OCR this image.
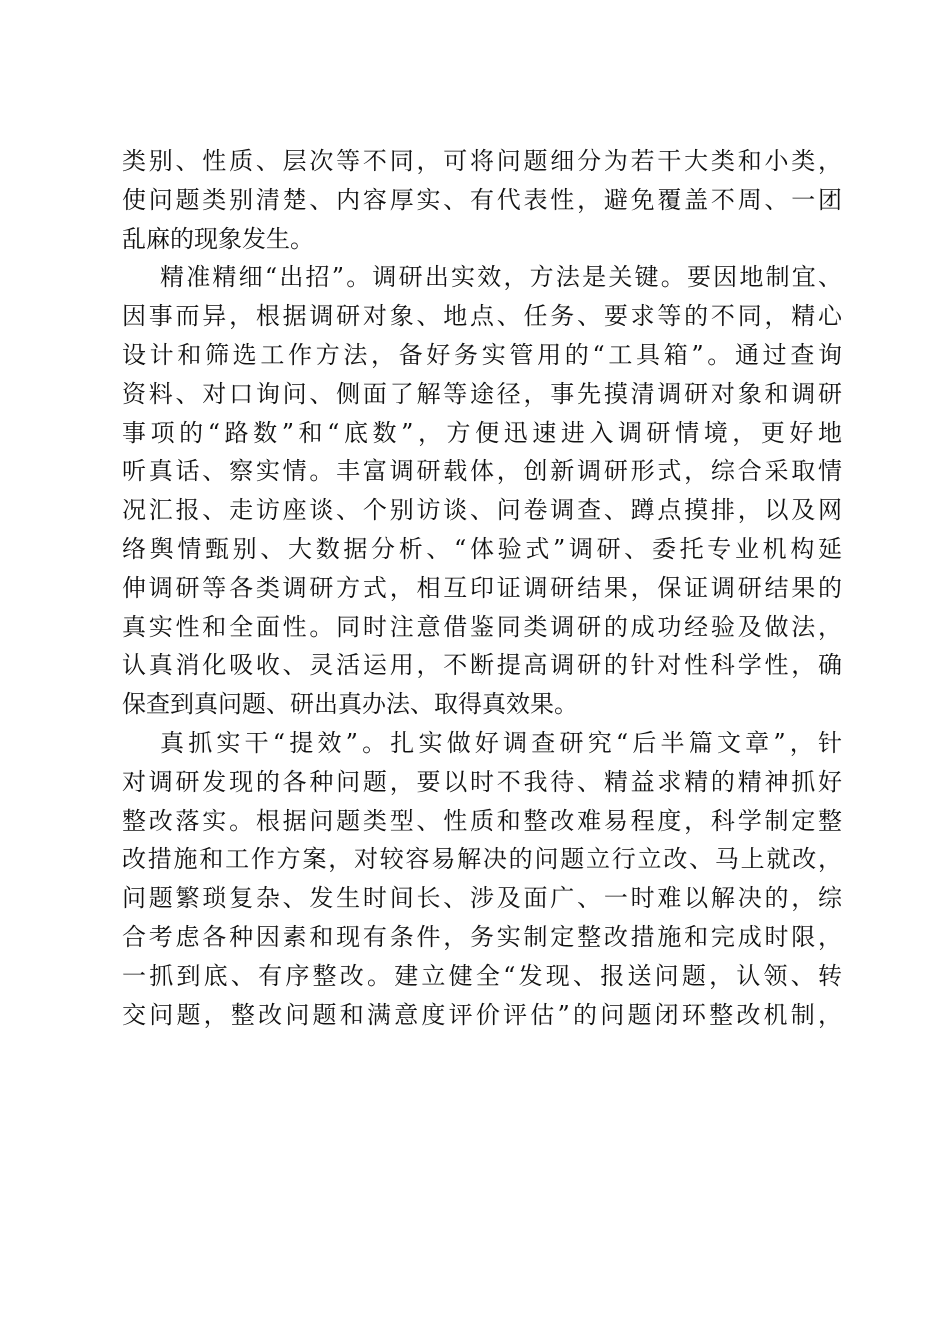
类别、性质、层次等不同，可将问题细分为若干大类和小类，
使问题类别清楚、内容厚实、有代表性，避免覆盖不周、一团
乱麻的现象发生。
精准精细“出招”。调研出实效，方法是关键。要因地制宜、
因事而异，根据调研对象、地点、任务、要求等的不同，精心
设计和筛选工作方法，备好务实管用的“工具箱”。通过查询
资料、对口询问、侧面了解等途径，事先摸清调研对象和调研
事项的“路数”和“底数”，方便迅速进入调研情境，更好地
听真话、察实情。丰富调研载体，创新调研形式，综合采取情
况汇报、走访座谈、个别访谈、问卷调查、蹲点摸排，以及网
络舆情甄别、大数据分析、“体验式”调研、委托专业机构延
伸调研等各类调研方式，相互印证调研结果，保证调研结果的
真实性和全面性。同时注意借鉴同类调研的成功经验及做法，
认真消化吸收、灵活运用，不断提高调研的针对性科学性，确
保查到真问题、研出真办法、取得真效果。
真抓实干“提效”。扎实做好调查研究“后半篇文章”，针
对调研发现的各种问题，要以时不我待、精益求精的精神抓好
整改落实。根据问题类型、性质和整改难易程度，科学制定整
改措施和工作方案，对较容易解决的问题立行立改、马上就改，
问题繁琐复杂、发生时间长、涉及面广、一时难以解决的，综
合考虑各种因素和现有条件，务实制定整改措施和完成时限，
一抓到底、有序整改。建立健全“发现、报送问题，认领、转
交问题，整改问题和满意度评价评估”的问题闭环整改机制，
